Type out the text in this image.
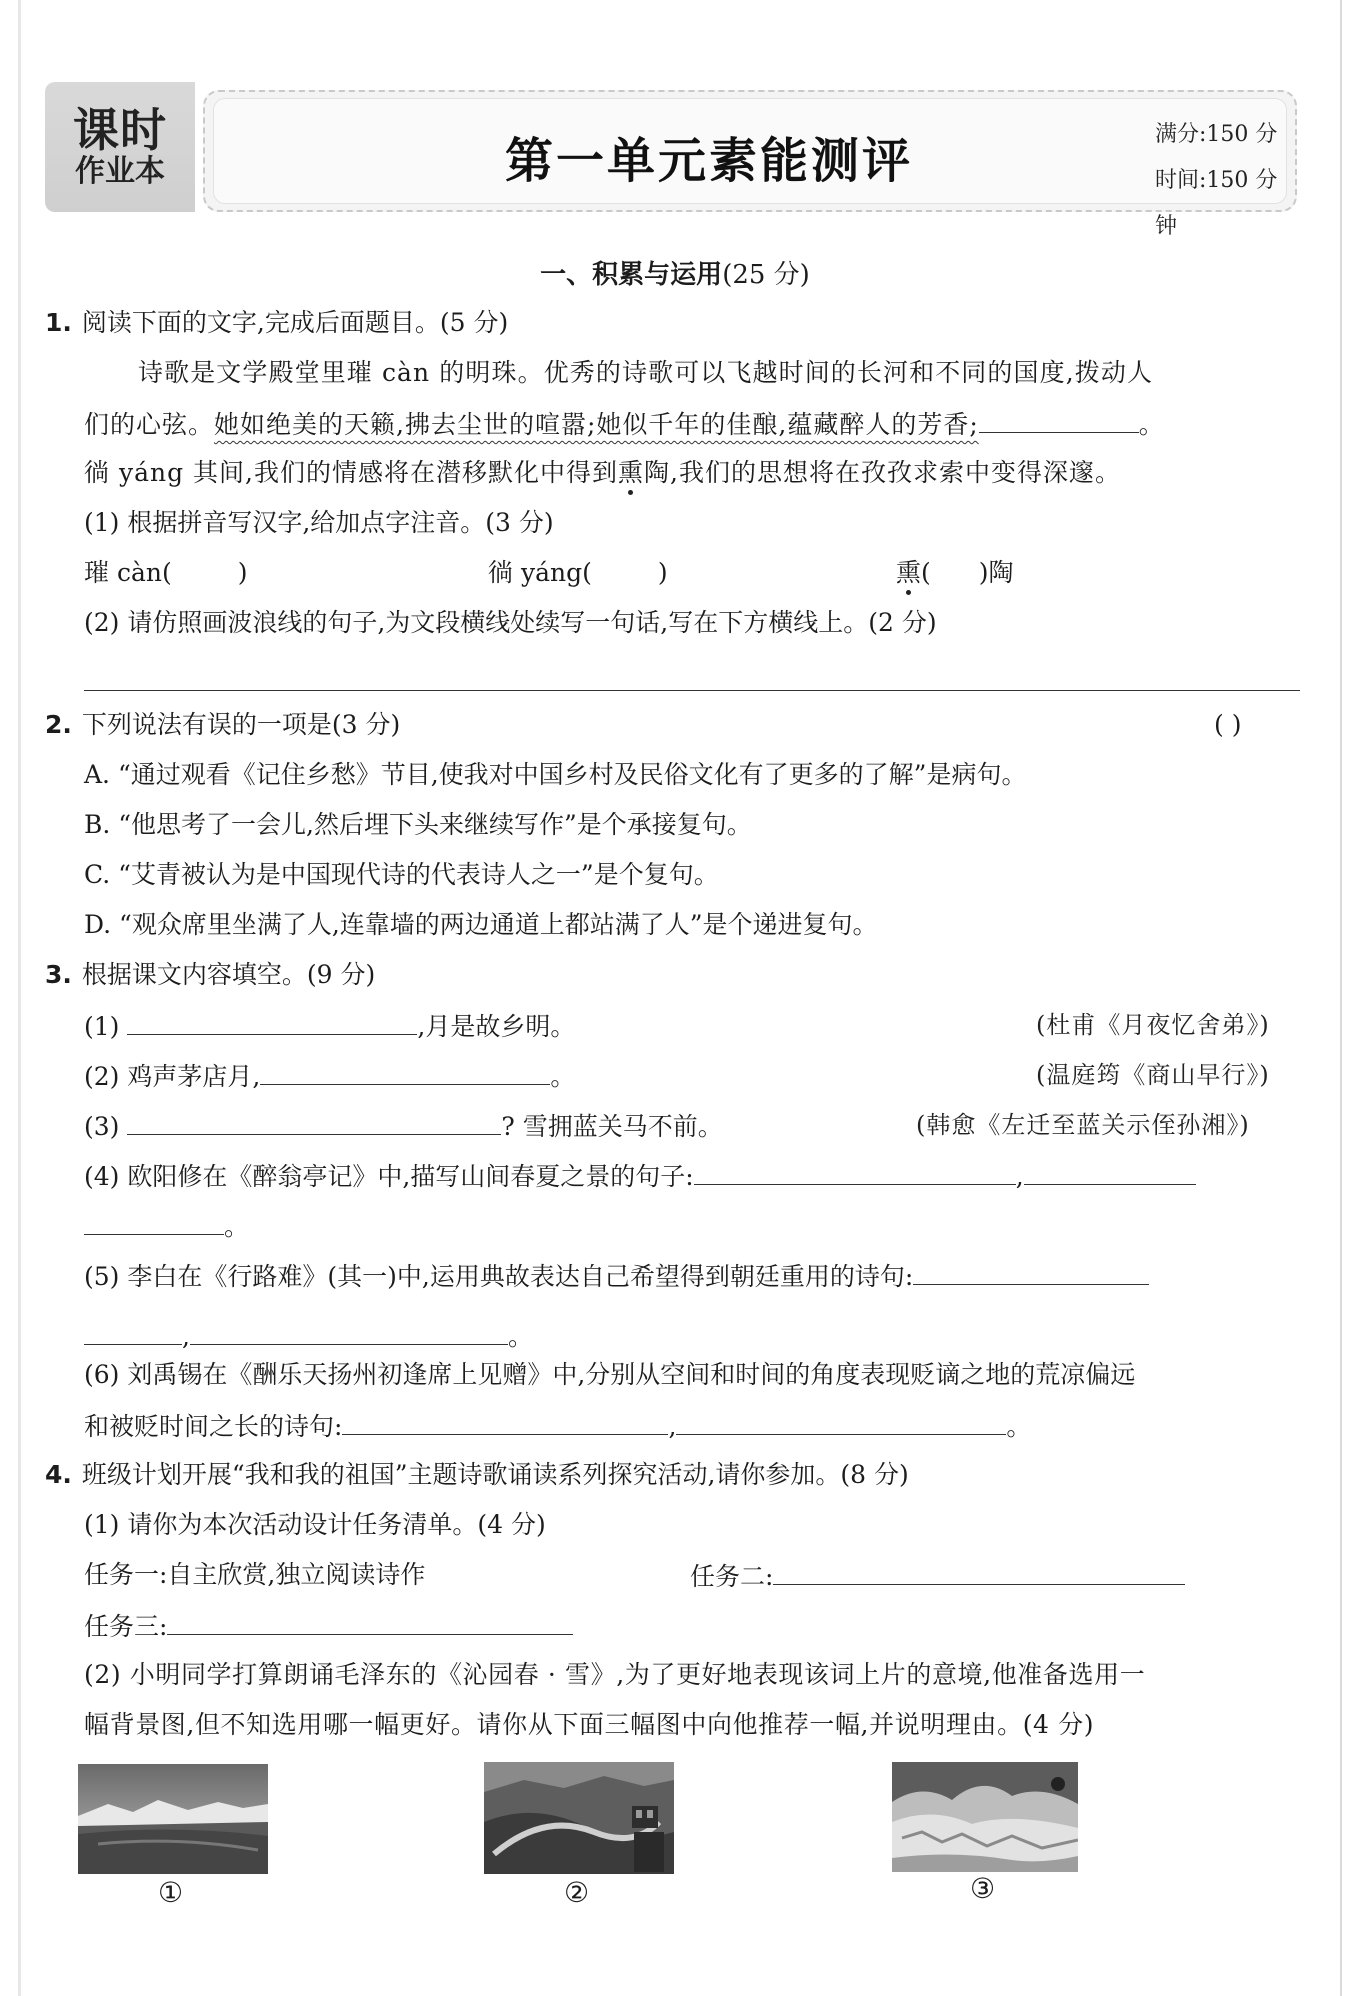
课时
作业本	第一单元素能测评	满分:150 分
时间:150 分钟
一、积累与运用(25 分)
1. 阅读下面的文字,完成后面题目。(5 分)
诗歌是文学殿堂里璀 càn 的明珠。优秀的诗歌可以飞越时间的长河和不同的国度,拨动人
们的心弦。她如绝美的天籁,拂去尘世的喧嚣;她似千年的佳酿,蕴藏醉人的芳香;	。
徜 yáng 其间,我们的情感将在潜移默化中得到熏陶,我们的思想将在孜孜求索中变得深邃。
(1) 根据拼音写汉字,给加点字注音。(3 分)
璀 càn(	)	徜 yáng(	)	熏( )陶
(2) 请仿照画波浪线的句子,为文段横线处续写一句话,写在下方横线上。(2 分)
2. 下列说法有误的一项是(3 分)	( )
A. “通过观看《记住乡愁》节目,使我对中国乡村及民俗文化有了更多的了解”是病句。
B. “他思考了一会儿,然后埋下头来继续写作”是个承接复句。
C. “艾青被认为是中国现代诗的代表诗人之一”是个复句。
D. “观众席里坐满了人,连靠墙的两边通道上都站满了人”是个递进复句。
3. 根据课文内容填空。(9 分)
(1)	,月是故乡明。	(杜甫《月夜忆舍弟》)
(2) 鸡声茅店月,	。	(温庭筠《商山早行》)
(3)	? 雪拥蓝关马不前。	(韩愈《左迁至蓝关示侄孙湘》)
(4) 欧阳修在《醉翁亭记》中,描写山间春夏之景的句子:	,
。
(5) 李白在《行路难》(其一)中,运用典故表达自己希望得到朝廷重用的诗句:
,	。
(6) 刘禹锡在《酬乐天扬州初逢席上见赠》中,分别从空间和时间的角度表现贬谪之地的荒凉偏远
和被贬时间之长的诗句:	,	。
4. 班级计划开展“我和我的祖国”主题诗歌诵读系列探究活动,请你参加。(8 分)
(1) 请你为本次活动设计任务清单。(4 分)
任务一:自主欣赏,独立阅读诗作	任务二:
任务三:
(2) 小明同学打算朗诵毛泽东的《沁园春 · 雪》,为了更好地表现该词上片的意境,他准备选用一
幅背景图,但不知选用哪一幅更好。请你从下面三幅图中向他推荐一幅,并说明理由。(4 分)
①	②	③
